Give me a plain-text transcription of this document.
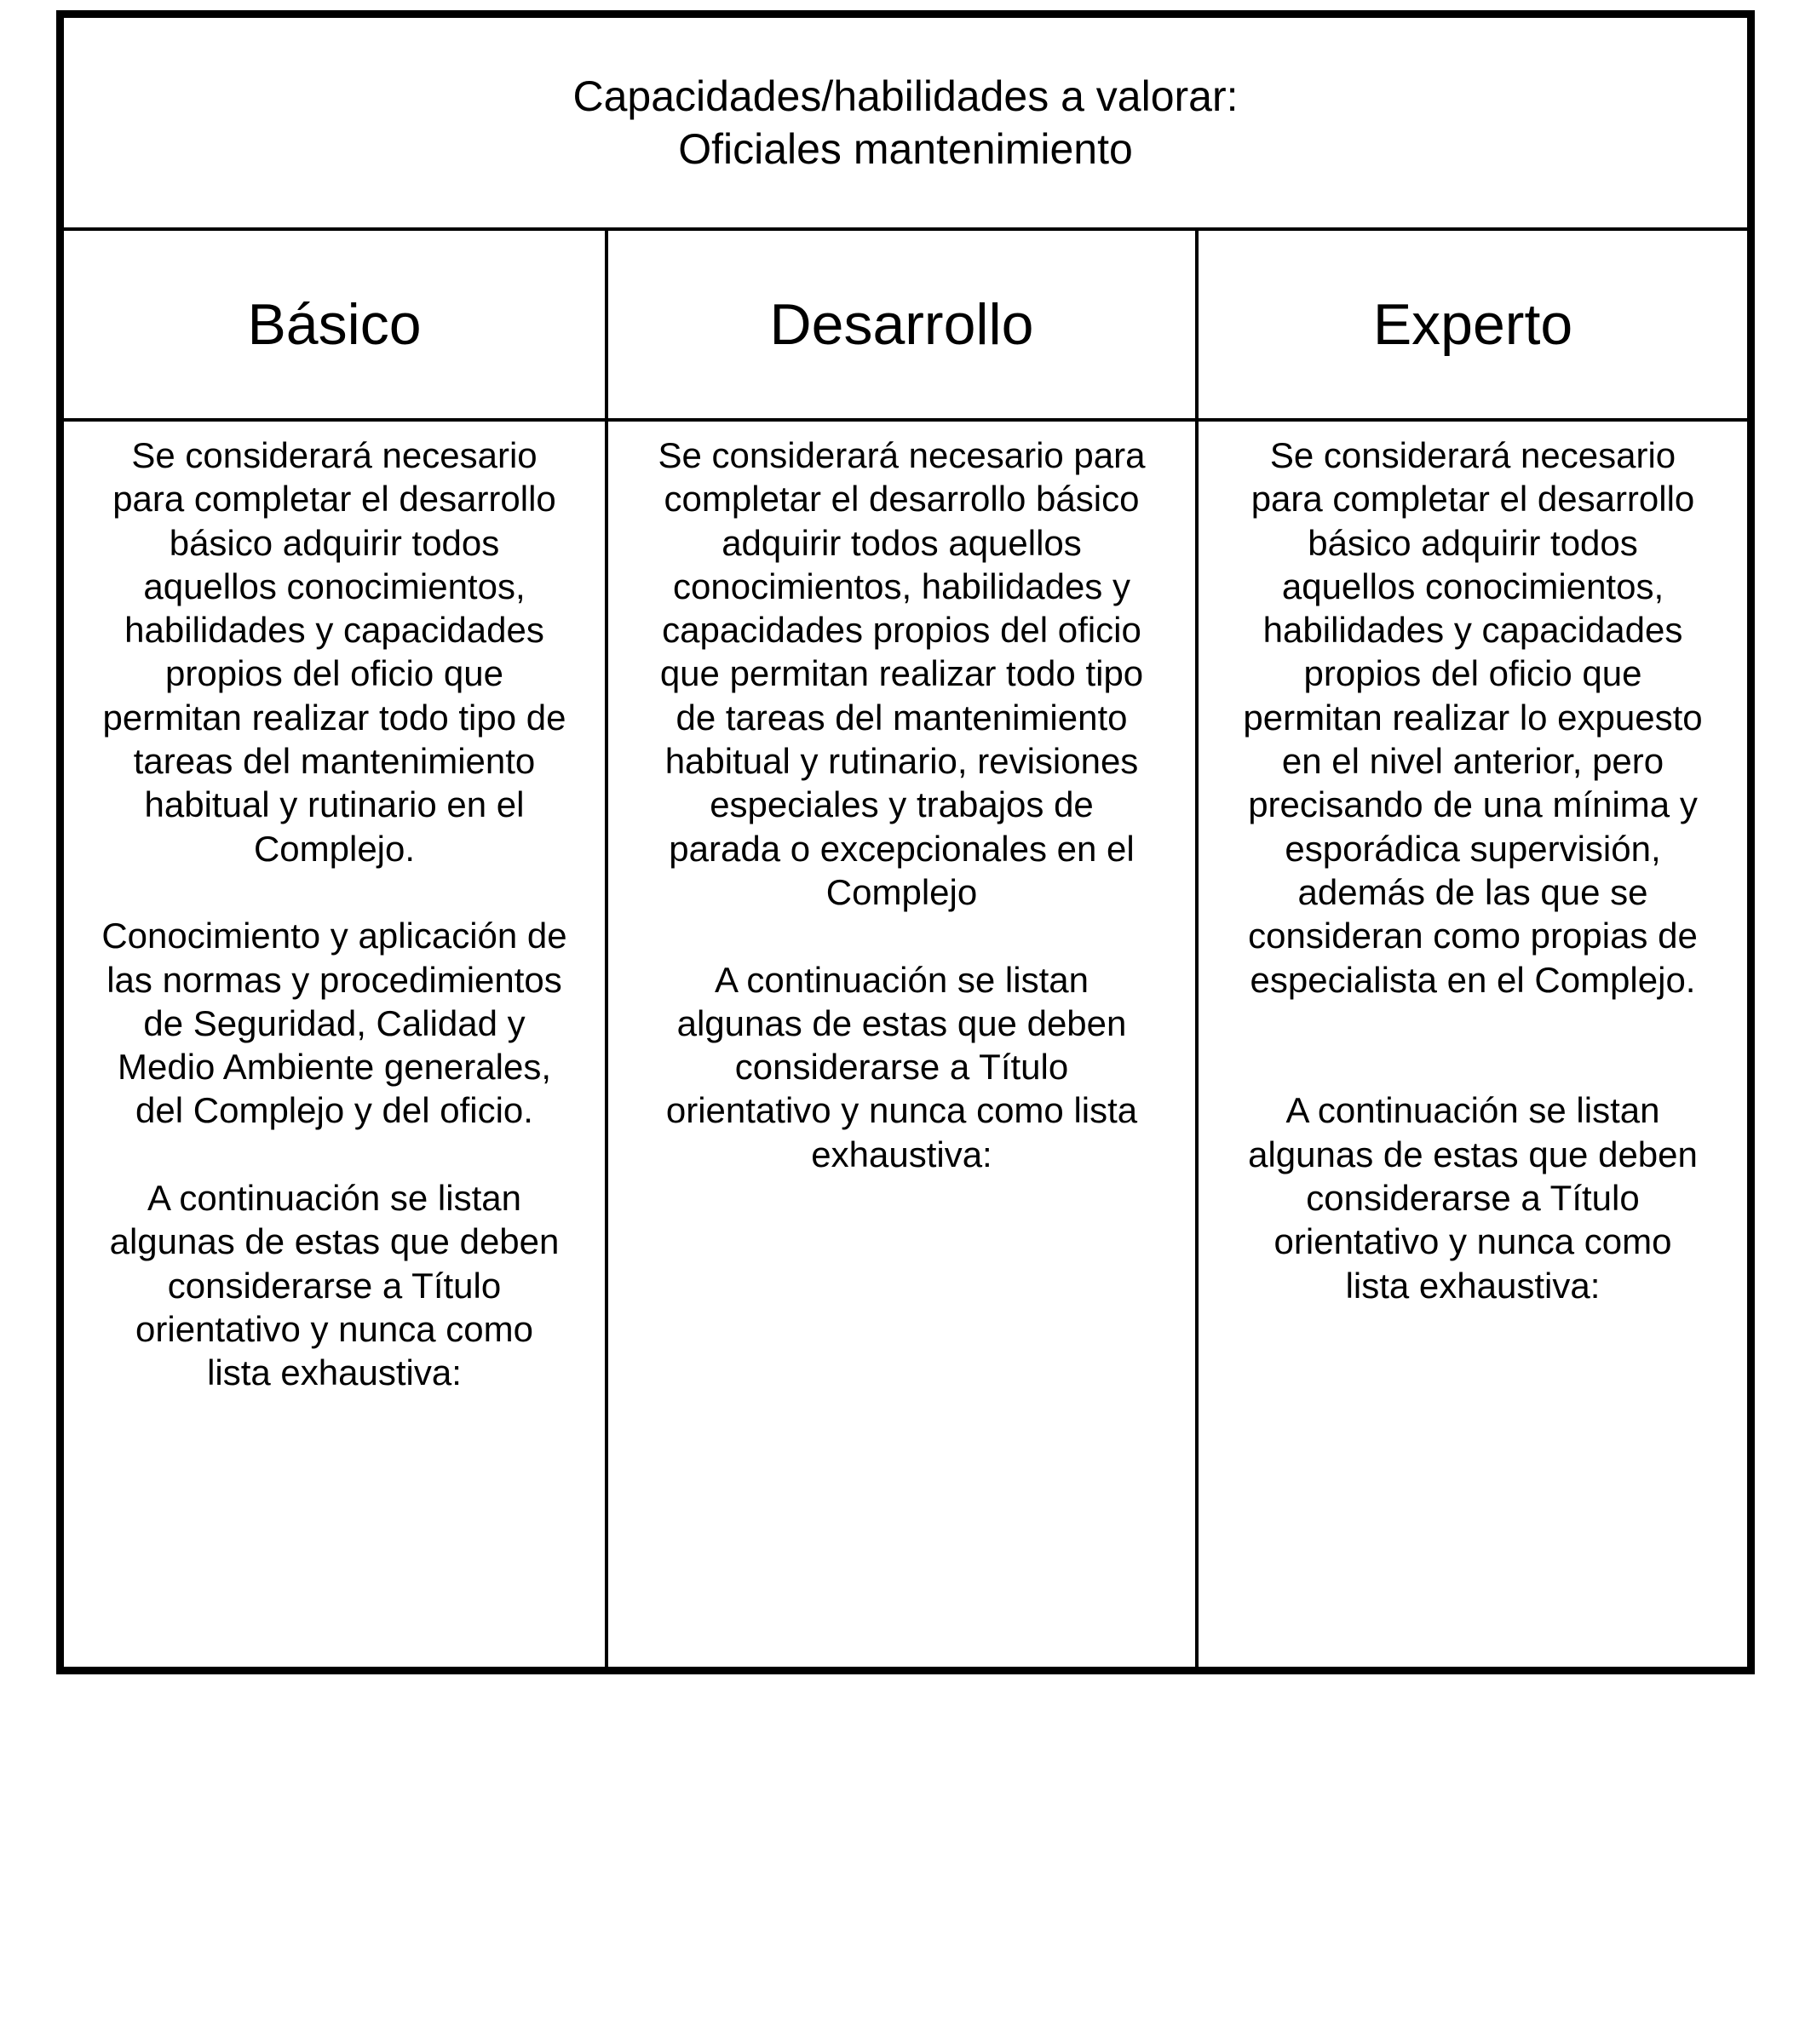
Capacidades/habilidades a valorar:
Oficiales mantenimiento
Básico

Se considerará necesario
para completar el desarrollo
básico adquirir todos
aquellos conocimientos,
habilidades y capacidades
propios del oficio que
permitan realizar todo tipo de
tareas del mantenimiento
habitual y rutinario en el
Complejo.

Conocimiento y aplicación de
las normas y procedimientos
de Seguridad, Calidad y
Medio Ambiente generales,
del Complejo y del oficio.

A continuación se listan
algunas de estas que deben
considerarse a Título
orientativo y nunca como
lista exhaustiva:

Desarrollo

Se considerará necesario para
completar el desarrollo básico
adquirir todos aquellos
conocimientos, habilidades y
capacidades propios del oficio
que permitan realizar todo tipo
de tareas del mantenimiento
habitual y rutinario, revisiones
especiales y trabajos de
parada o excepcionales en el
Complejo

A continuación se listan
algunas de estas que deben
considerarse a Título
orientativo y nunca como lista
exhaustiva:

Experto

Se considerará necesario
para completar el desarrollo
básico adquirir todos
aquellos conocimientos,
habilidades y capacidades
propios del oficio que
permitan realizar lo expuesto
en el nivel anterior, pero
precisando de una mínima y
esporádica supervisión,
además de las que se
consideran como propias de
especialista en el Complejo.

A continuación se listan
algunas de estas que deben
considerarse a Título
orientativo y nunca como
lista exhaustiva:
